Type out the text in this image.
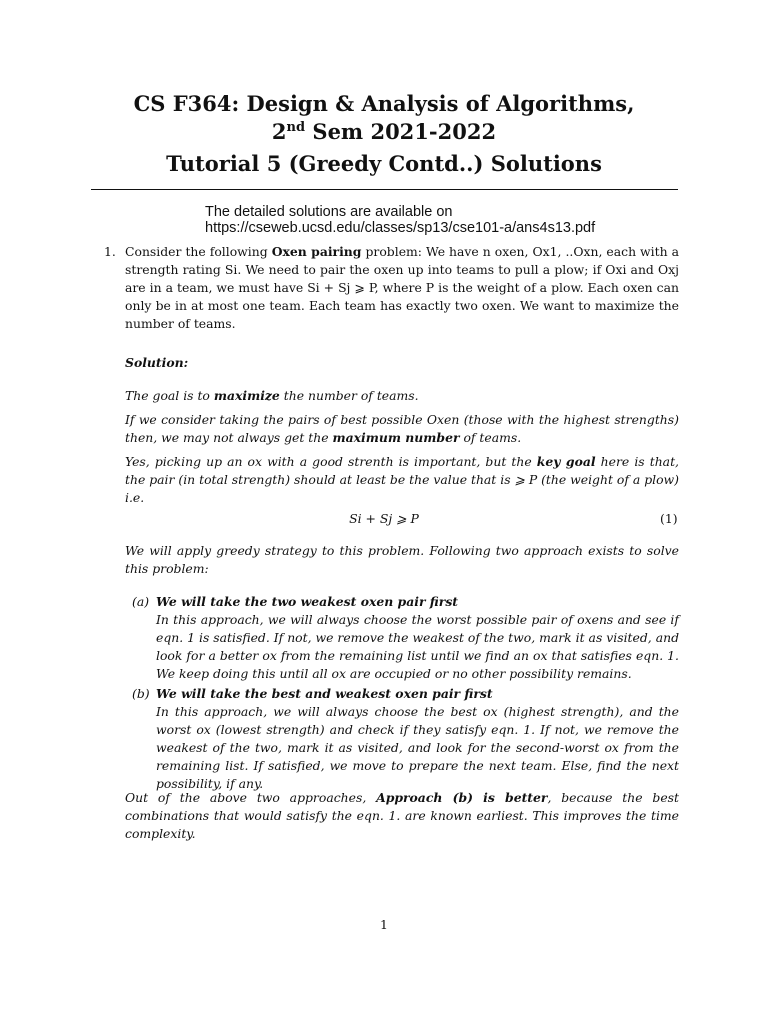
CS F364: Design & Analysis of Algorithms,
2nd Sem 2021-2022
Tutorial 5 (Greedy Contd..) Solutions
The detailed solutions are available on
https://cseweb.ucsd.edu/classes/sp13/cse101-a/ans4s13.pdf
1. Consider the following Oxen pairing problem: We have n oxen, Ox1, ..Oxn, each with a strength rating Si. We need to pair the oxen up into teams to pull a plow; if Oxi and Oxj are in a team, we must have Si + Sj ⩾ P, where P is the weight of a plow. Each oxen can only be in at most one team. Each team has exactly two oxen. We want to maximize the number of teams.
Solution:
The goal is to maximize the number of teams.
If we consider taking the pairs of best possible Oxen (those with the highest strengths) then, we may not always get the maximum number of teams.
Yes, picking up an ox with a good strenth is important, but the key goal here is that, the pair (in total strength) should at least be the value that is ⩾ P (the weight of a plow) i.e.
Si + Sj ⩾ P	(1)
We will apply greedy strategy to this problem. Following two approach exists to solve this problem:
(a) We will take the two weakest oxen pair first
In this approach, we will always choose the worst possible pair of oxens and see if eqn. 1 is satisfied. If not, we remove the weakest of the two, mark it as visited, and look for a better ox from the remaining list until we find an ox that satisfies eqn. 1. We keep doing this until all ox are occupied or no other possibility remains.
(b) We will take the best and weakest oxen pair first
In this approach, we will always choose the best ox (highest strength), and the worst ox (lowest strength) and check if they satisfy eqn. 1. If not, we remove the weakest of the two, mark it as visited, and look for the second-worst ox from the remaining list. If satisfied, we move to prepare the next team. Else, find the next possibility, if any.
Out of the above two approaches, Approach (b) is better, because the best combinations that would satisfy the eqn. 1. are known earliest. This improves the time complexity.
1
